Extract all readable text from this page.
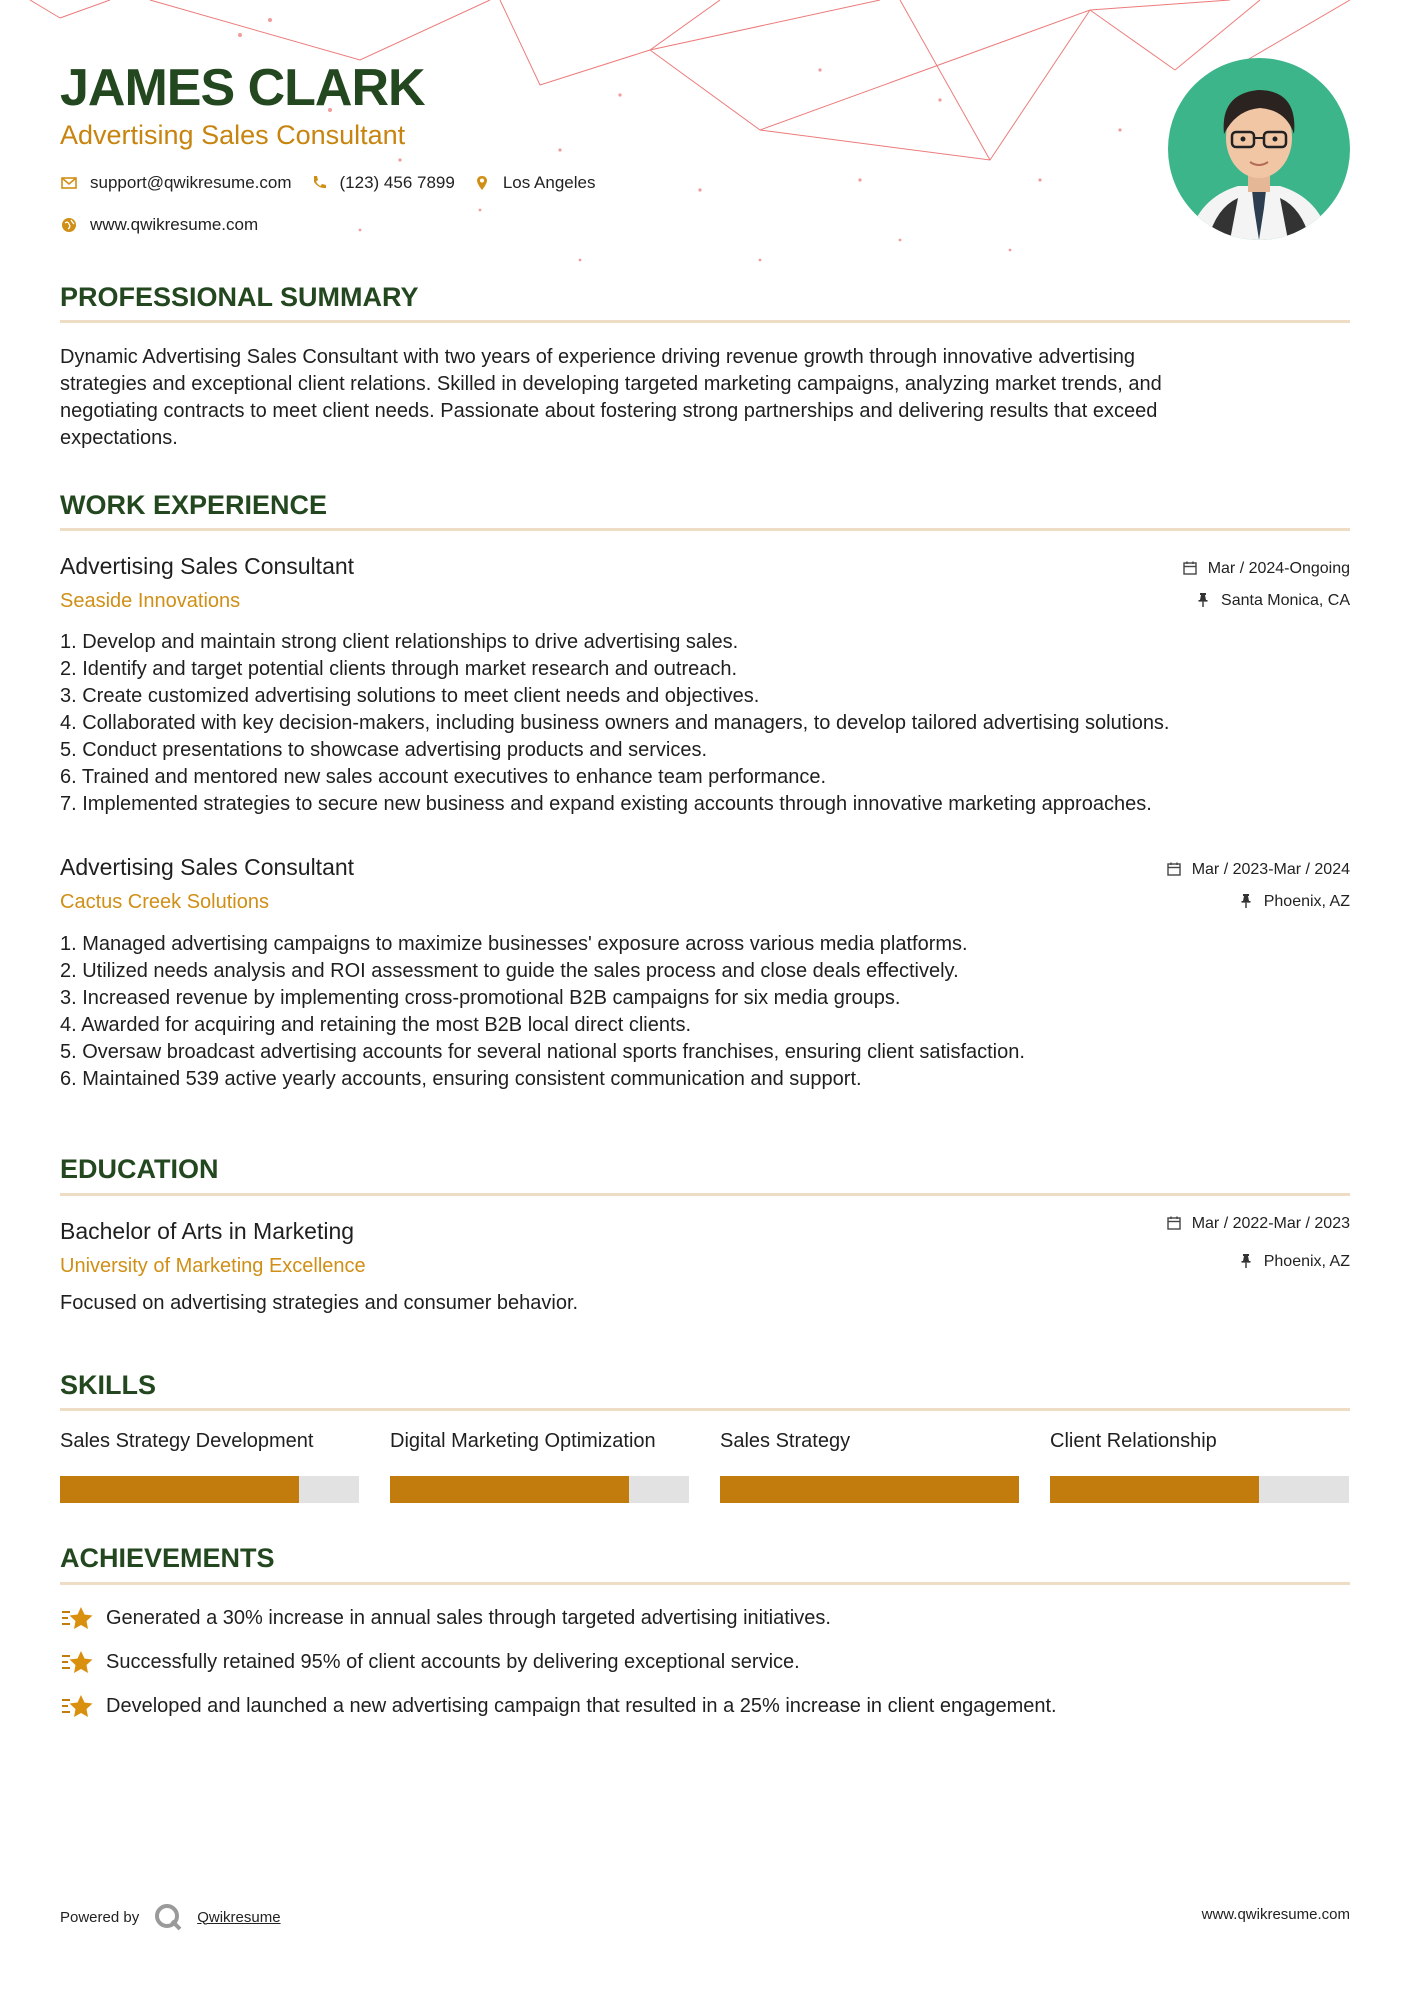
JAMES CLARK
Advertising Sales Consultant
support@qwikresume.com	(123) 456 7899	Los Angeles
www.qwikresume.com
PROFESSIONAL SUMMARY
Dynamic Advertising Sales Consultant with two years of experience driving revenue growth through innovative advertising
strategies and exceptional client relations. Skilled in developing targeted marketing campaigns, analyzing market trends, and
negotiating contracts to meet client needs. Passionate about fostering strong partnerships and delivering results that exceed
expectations.
WORK EXPERIENCE
Advertising Sales Consultant
Seaside Innovations
Mar / 2024-Ongoing
Santa Monica, CA
1. Develop and maintain strong client relationships to drive advertising sales.
2. Identify and target potential clients through market research and outreach.
3. Create customized advertising solutions to meet client needs and objectives.
4. Collaborated with key decision-makers, including business owners and managers, to develop tailored advertising solutions.
5. Conduct presentations to showcase advertising products and services.
6. Trained and mentored new sales account executives to enhance team performance.
7. Implemented strategies to secure new business and expand existing accounts through innovative marketing approaches.
Advertising Sales Consultant
Cactus Creek Solutions
Mar / 2023-Mar / 2024
Phoenix, AZ
1. Managed advertising campaigns to maximize businesses' exposure across various media platforms.
2. Utilized needs analysis and ROI assessment to guide the sales process and close deals effectively.
3. Increased revenue by implementing cross-promotional B2B campaigns for six media groups.
4. Awarded for acquiring and retaining the most B2B local direct clients.
5. Oversaw broadcast advertising accounts for several national sports franchises, ensuring client satisfaction.
6. Maintained 539 active yearly accounts, ensuring consistent communication and support.
EDUCATION
Bachelor of Arts in Marketing
University of Marketing Excellence
Mar / 2022-Mar / 2023
Phoenix, AZ
Focused on advertising strategies and consumer behavior.
SKILLS
Sales Strategy Development	Digital Marketing Optimization	Sales Strategy	Client Relationship
ACHIEVEMENTS
Generated a 30% increase in annual sales through targeted advertising initiatives.
Successfully retained 95% of client accounts by delivering exceptional service.
Developed and launched a new advertising campaign that resulted in a 25% increase in client engagement.
Powered by	Qwikresume	www.qwikresume.com
